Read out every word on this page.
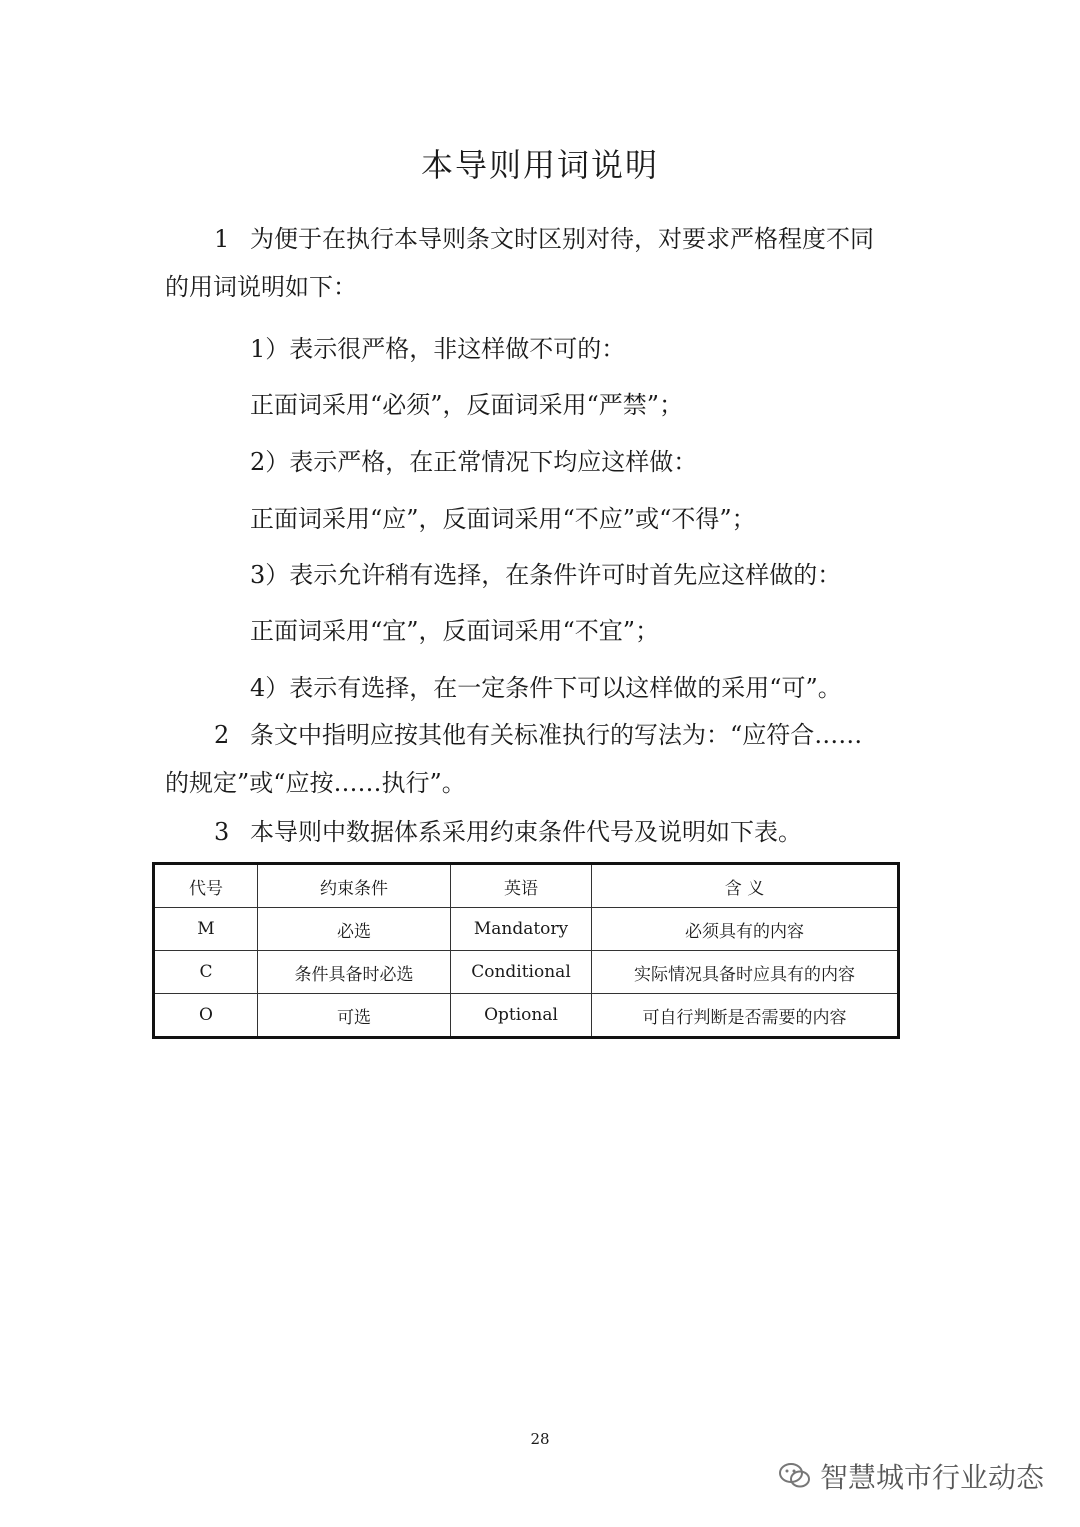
本导则用词说明
1 为便于在执行本导则条文时区别对待，对要求严格程度不同
的用词说明如下：
1）表示很严格，非这样做不可的：
正面词采用“必须”，反面词采用“严禁”；
2）表示严格，在正常情况下均应这样做：
正面词采用“应”，反面词采用“不应”或“不得”；
3）表示允许稍有选择，在条件许可时首先应这样做的：
正面词采用“宜”，反面词采用“不宜”；
4）表示有选择，在一定条件下可以这样做的采用“可”。
2 条文中指明应按其他有关标准执行的写法为：“应符合……
的规定”或“应按……执行”。
3 本导则中数据体系采用约束条件代号及说明如下表。
代号	约束条件	英语	含 义
M	必选	Mandatory	必须具有的内容
C	条件具备时必选	Conditional	实际情况具备时应具有的内容
O	可选	Optional	可自行判断是否需要的内容
28
智慧城市行业动态
